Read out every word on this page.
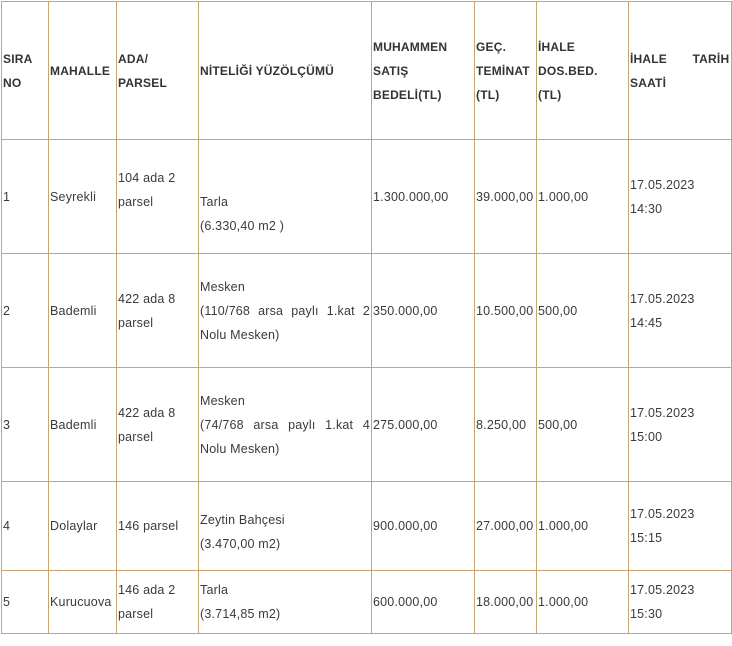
SIRA
NO	MAHALLE	ADA/
PARSEL	NİTELİĞİ YÜZÖLÇÜMÜ	MUHAMMEN
SATIŞ
BEDELİ(TL)	GEÇ.
TEMİNAT
(TL)	İHALE
DOS.BED.
(TL)	İHALE TARİH
SAATİ

1	Seyrekli	104 ada 2 parsel	Tarla
(6.330,40 m2 )	1.300.000,00	39.000,00	1.000,00	17.05.2023
14:30

2	Bademli	422 ada 8 parsel	Mesken
(110/768 arsa paylı 1.kat 2 Nolu Mesken)	350.000,00	10.500,00	500,00	17.05.2023
14:45

3	Bademli	422 ada 8 parsel	Mesken
(74/768 arsa paylı 1.kat 4 Nolu Mesken)	275.000,00	8.250,00	500,00	17.05.2023
15:00

4	Dolaylar	146 parsel	Zeytin Bahçesi
(3.470,00 m2)	900.000,00	27.000,00	1.000,00	17.05.2023
15:15

5	Kurucuova	146 ada 2 parsel	Tarla
(3.714,85 m2)	600.000,00	18.000,00	1.000,00	17.05.2023
15:30
